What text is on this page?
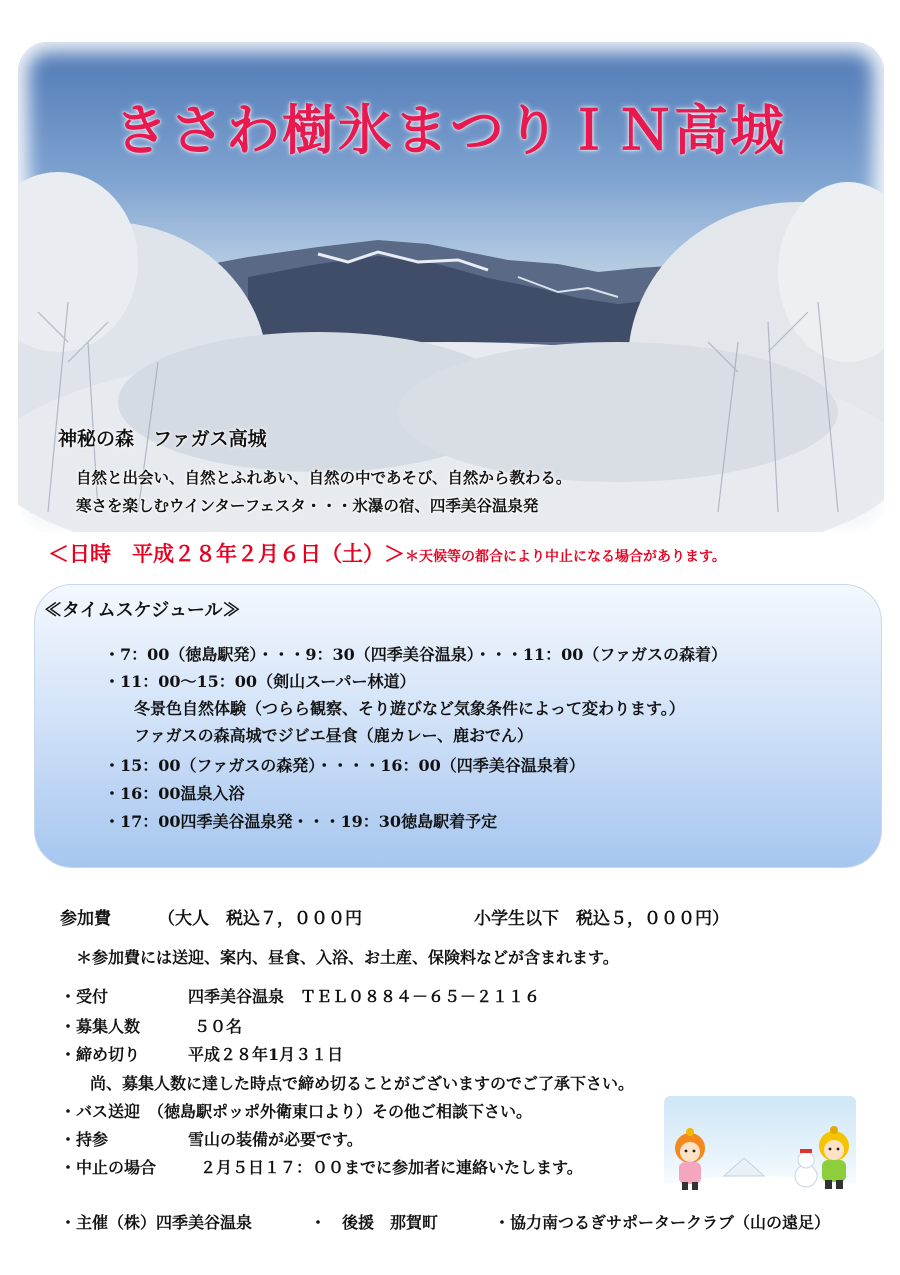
きさわ樹氷まつりＩＮ高城
神秘の森　ファガス高城
自然と出会い、自然とふれあい、自然の中であそび、自然から教わる。
寒さを楽しむウインターフェスタ・・・氷瀑の宿、四季美谷温泉発
＜日時　平成２８年２月６日（土）＞＊天候等の都合により中止になる場合があります。
≪タイムスケジュール≫
・7：00（徳島駅発）・・・9：30（四季美谷温泉）・・・11：00（ファガスの森着）
・11：00～15：00（剣山スーパー林道）
冬景色自然体験（つらら観察、そり遊びなど気象条件によって変わります。）
ファガスの森高城でジビエ昼食（鹿カレー、鹿おでん）
・15：00（ファガスの森発）・・・・16：00（四季美谷温泉着）
・16：00温泉入浴
・17：00四季美谷温泉発・・・19：30徳島駅着予定
参加費	（大人　税込７，０００円	小学生以下　税込５，０００円）
＊参加費には送迎、案内、昼食、入浴、お土産、保険料などが含まれます。
・受付	四季美谷温泉　ＴＥＬ０８８４－６５－２１１６
・募集人数	５０名
・締め切り	平成２８年1月３１日
尚、募集人数に達した時点で締め切ることがございますのでご了承下さい。
・バス送迎　（徳島駅ポッポ外衛東口より）その他ご相談下さい。
・持参	雪山の装備が必要です。
・中止の場合	２月５日１７：００までに参加者に連絡いたします。
・主催（株）四季美谷温泉	・　後援　那賀町	・協力南つるぎサポータークラブ（山の遠足）
